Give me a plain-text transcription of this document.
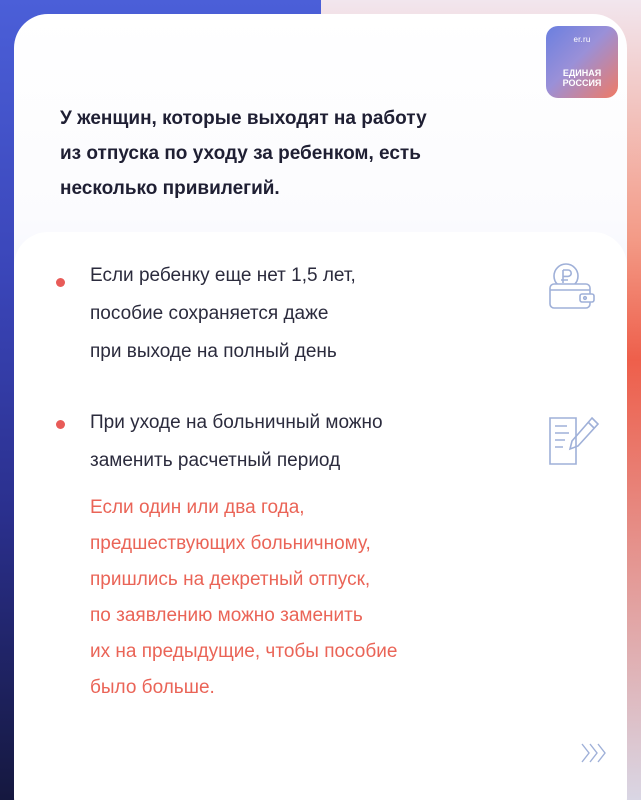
er.ru
ЕДИНАЯ
РОССИЯ
У женщин, которые выходят на работу
из отпуска по уходу за ребенком, есть
несколько привилегий.
Если ребенку еще нет 1,5 лет,
пособие сохраняется даже
при выходе на полный день
При уходе на больничный можно
заменить расчетный период
Если один или два года,
предшествующих больничному,
пришлись на декретный отпуск,
по заявлению можно заменить
их на предыдущие, чтобы пособие
было больше.
